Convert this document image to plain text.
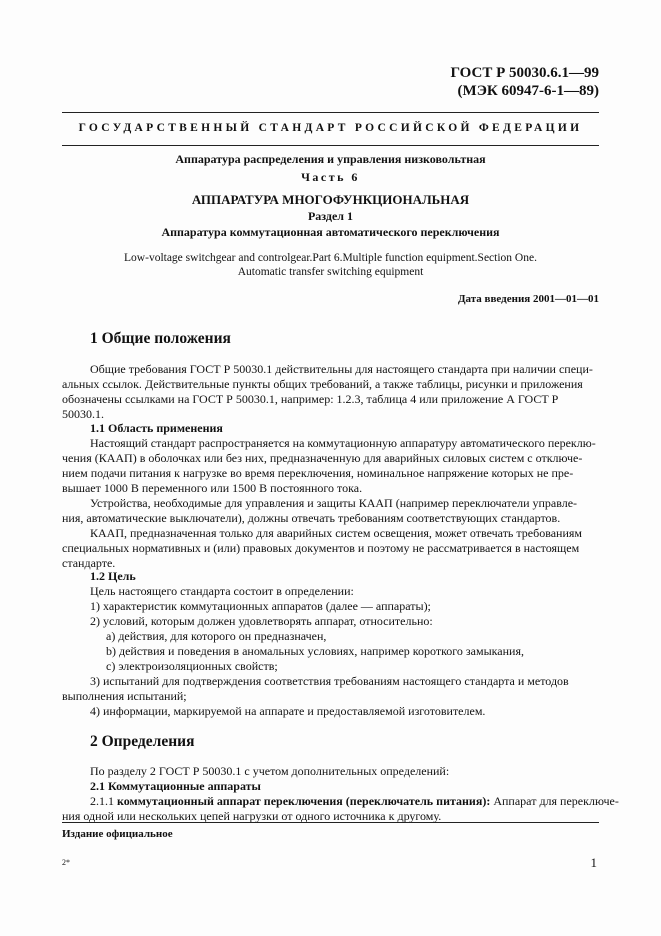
ГОСТ Р 50030.6.1—99
(МЭК 60947-6-1—89)
ГОСУДАРСТВЕННЫЙ СТАНДАРТ РОССИЙСКОЙ ФЕДЕРАЦИИ
Аппаратура распределения и управления низковольтная
Часть 6
АППАРАТУРА МНОГОФУНКЦИОНАЛЬНАЯ
Раздел 1
Аппаратура коммутационная автоматического переключения
Low-voltage switchgear and controlgear.Part 6.Multiple function equipment.Section One.
Automatic transfer switching equipment
Дата введения 2001—01—01
1 Общие положения
Общие требования ГОСТ Р 50030.1 действительны для настоящего стандарта при наличии специ-
альных ссылок. Действительные пункты общих требований, а также таблицы, рисунки и приложения
обозначены ссылками на ГОСТ Р 50030.1, например: 1.2.3, таблица 4 или приложение А ГОСТ Р
50030.1.
1.1 Область применения
Настоящий стандарт распространяется на коммутационную аппаратуру автоматического переклю-
чения (КААП) в оболочках или без них, предназначенную для аварийных силовых систем с отключе-
нием подачи питания к нагрузке во время переключения, номинальное напряжение которых не пре-
вышает 1000 В переменного или 1500 В постоянного тока.
Устройства, необходимые для управления и защиты КААП (например переключатели управле-
ния, автоматические выключатели), должны отвечать требованиям соответствующих стандартов.
КААП, предназначенная только для аварийных систем освещения, может отвечать требованиям
специальных нормативных и (или) правовых документов и поэтому не рассматривается в настоящем
стандарте.
1.2 Цель
Цель настоящего стандарта состоит в определении:
1) характеристик коммутационных аппаратов (далее — аппараты);
2) условий, которым должен удовлетворять аппарат, относительно:
а) действия, для которого он предназначен,
b) действия и поведения в аномальных условиях, например короткого замыкания,
c) электроизоляционных свойств;
3) испытаний для подтверждения соответствия требованиям настоящего стандарта и методов
выполнения испытаний;
4) информации, маркируемой на аппарате и предоставляемой изготовителем.
2 Определения
По разделу 2 ГОСТ Р 50030.1 с учетом дополнительных определений:
2.1 Коммутационные аппараты
2.1.1 коммутационный аппарат переключения (переключатель питания): Аппарат для переключе-
ния одной или нескольких цепей нагрузки от одного источника к другому.
Издание официальное
2*	1
